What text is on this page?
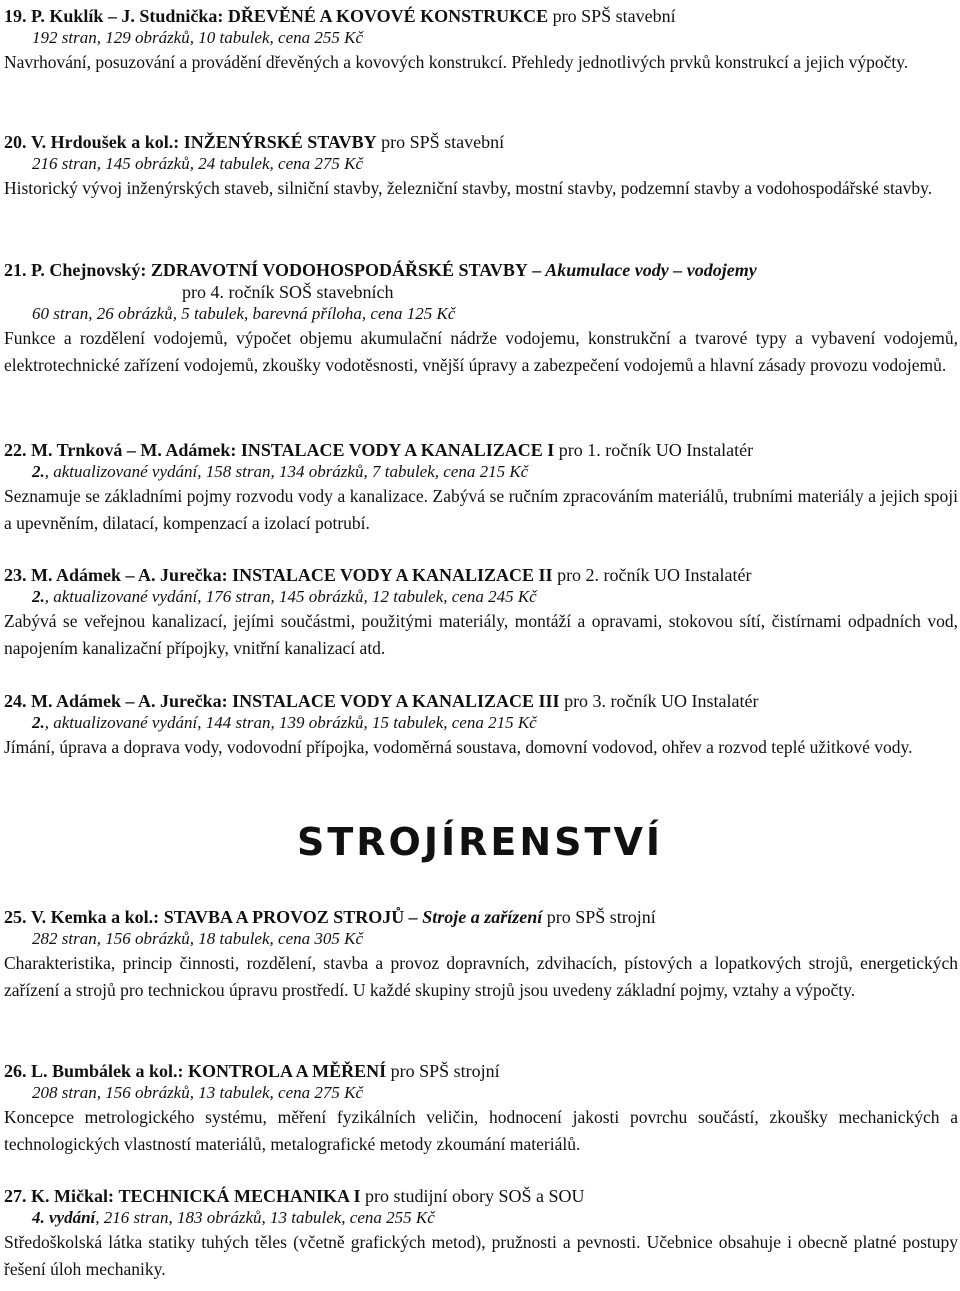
19. P. Kuklík – J. Studnička: DŘEVĚNÉ A KOVOVÉ KONSTRUKCE pro SPŠ stavební
192 stran, 129 obrázků, 10 tabulek, cena 255 Kč
Navrhování, posuzování a provádění dřevěných a kovových konstrukcí. Přehledy jednotlivých prvků konstrukcí a jejich výpočty.
20. V. Hrdoušek a kol.: INŽENÝRSKÉ STAVBY pro SPŠ stavební
216 stran, 145 obrázků, 24 tabulek, cena 275 Kč
Historický vývoj inženýrských staveb, silniční stavby, železniční stavby, mostní stavby, podzemní stavby a vodohospodářské stavby.
21. P. Chejnovský: ZDRAVOTNÍ VODOHOSPODÁŘSKÉ STAVBY – Akumulace vody – vodojemy
pro 4. ročník SOŠ stavebních
60 stran, 26 obrázků, 5 tabulek, barevná příloha, cena 125 Kč
Funkce a rozdělení vodojemů, výpočet objemu akumulační nádrže vodojemu, konstrukční a tvarové typy a vybavení vodojemů, elektrotechnické zařízení vodojemů, zkoušky vodotěsnosti, vnější úpravy a zabezpečení vodojemů a hlavní zásady provozu vodojemů.
22. M. Trnková – M. Adámek: INSTALACE VODY A KANALIZACE I pro 1. ročník UO Instalatér
2., aktualizované vydání, 158 stran, 134 obrázků, 7 tabulek, cena 215 Kč
Seznamuje se základními pojmy rozvodu vody a kanalizace. Zabývá se ručním zpracováním materiálů, trubními materiály a jejich spoji a upevněním, dilatací, kompenzací a izolací potrubí.
23. M. Adámek – A. Jurečka: INSTALACE VODY A KANALIZACE II pro 2. ročník UO Instalatér
2., aktualizované vydání, 176 stran, 145 obrázků, 12 tabulek, cena 245 Kč
Zabývá se veřejnou kanalizací, jejími součástmi, použitými materiály, montáží a opravami, stokovou sítí, čistírnami odpadních vod, napojením kanalizační přípojky, vnitřní kanalizací atd.
24. M. Adámek – A. Jurečka: INSTALACE VODY A KANALIZACE III pro 3. ročník UO Instalatér
2., aktualizované vydání, 144 stran, 139 obrázků, 15 tabulek, cena 215 Kč
Jímání, úprava a doprava vody, vodovodní přípojka, vodoměrná soustava, domovní vodovod, ohřev a rozvod teplé užitkové vody.
STROJÍRENSTVÍ
25. V. Kemka a kol.: STAVBA A PROVOZ STROJŮ – Stroje a zařízení pro SPŠ strojní
282 stran, 156 obrázků, 18 tabulek, cena 305 Kč
Charakteristika, princip činnosti, rozdělení, stavba a provoz dopravních, zdvihacích, pístových a lopatkových strojů, energetických zařízení a strojů pro technickou úpravu prostředí. U každé skupiny strojů jsou uvedeny základní pojmy, vztahy a výpočty.
26. L. Bumbálek a kol.: KONTROLA A MĚŘENÍ pro SPŠ strojní
208 stran, 156 obrázků, 13 tabulek, cena 275 Kč
Koncepce metrologického systému, měření fyzikálních veličin, hodnocení jakosti povrchu součástí, zkoušky mechanických a technologických vlastností materiálů, metalografické metody zkoumání materiálů.
27. K. Mičkal: TECHNICKÁ MECHANIKA I pro studijní obory SOŠ a SOU
4. vydání, 216 stran, 183 obrázků, 13 tabulek, cena 255 Kč
Středoškolská látka statiky tuhých těles (včetně grafických metod), pružnosti a pevnosti. Učebnice obsahuje i obecně platné postupy řešení úloh mechaniky.
